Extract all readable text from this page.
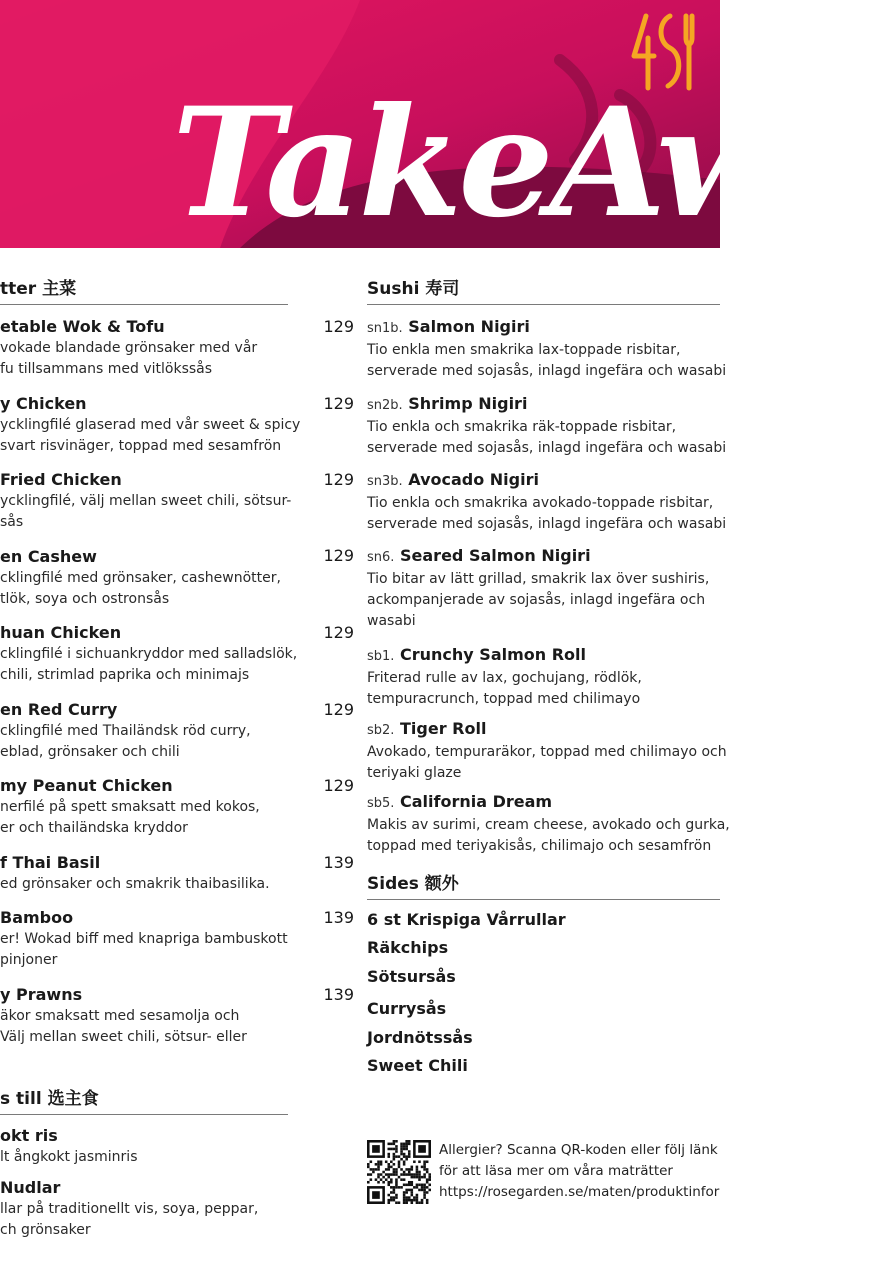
TakeAwa
tter 主菜
etable Wok & Tofu
vokade blandade grönsaker med vår
fu tillsammans med vitlökssås
y Chicken
ycklingfilé glaserad med vår sweet & spicy
svart risvinäger, toppad med sesamfrön
Fried Chicken
ycklingfilé, välj mellan sweet chili, sötsur-
sås
en Cashew
cklingfilé med grönsaker, cashewnötter,
tlök, soya och ostronsås
huan Chicken
cklingfilé i sichuankryddor med salladslök,
chili, strimlad paprika och minimajs
en Red Curry
cklingfilé med Thailändsk röd curry,
eblad, grönsaker och chili
my Peanut Chicken
nerfilé på spett smaksatt med kokos,
er och thailändska kryddor
f Thai Basil
ed grönsaker och smakrik thaibasilika.
Bamboo
er! Wokad biff med knapriga bambuskott
pinjoner
y Prawns
äkor smaksatt med sesamolja och
Välj mellan sweet chili, sötsur- eller
s till 选主食
okt ris
lt ångkokt jasminris
Nudlar
llar på traditionellt vis, soya, peppar,
ch grönsaker
129
129
129
129
129
129
129
139
139
139
Sushi 寿司
sn1b. Salmon Nigiri
Tio enkla men smakrika lax-toppade risbitar,
serverade med sojasås, inlagd ingefära och wasabi
sn2b. Shrimp Nigiri
Tio enkla och smakrika räk-toppade risbitar,
serverade med sojasås, inlagd ingefära och wasabi
sn3b. Avocado Nigiri
Tio enkla och smakrika avokado-toppade risbitar,
serverade med sojasås, inlagd ingefära och wasabi
sn6. Seared Salmon Nigiri
Tio bitar av lätt grillad, smakrik lax över sushiris,
ackompanjerade av sojasås, inlagd ingefära och
wasabi
sb1. Crunchy Salmon Roll
Friterad rulle av lax, gochujang, rödlök,
tempuracrunch, toppad med chilimayo
sb2. Tiger Roll
Avokado, tempuraräkor, toppad med chilimayo och
teriyaki glaze
sb5. California Dream
Makis av surimi, cream cheese, avokado och gurka,
toppad med teriyakisås, chilimajo och sesamfrön
Sides 额外
6 st Krispiga Vårrullar
Räkchips
Sötsursås
Currysås
Jordnötssås
Sweet Chili
Allergier? Scanna QR-koden eller följ länk
för att läsa mer om våra maträtter
https://rosegarden.se/maten/produktinfor
